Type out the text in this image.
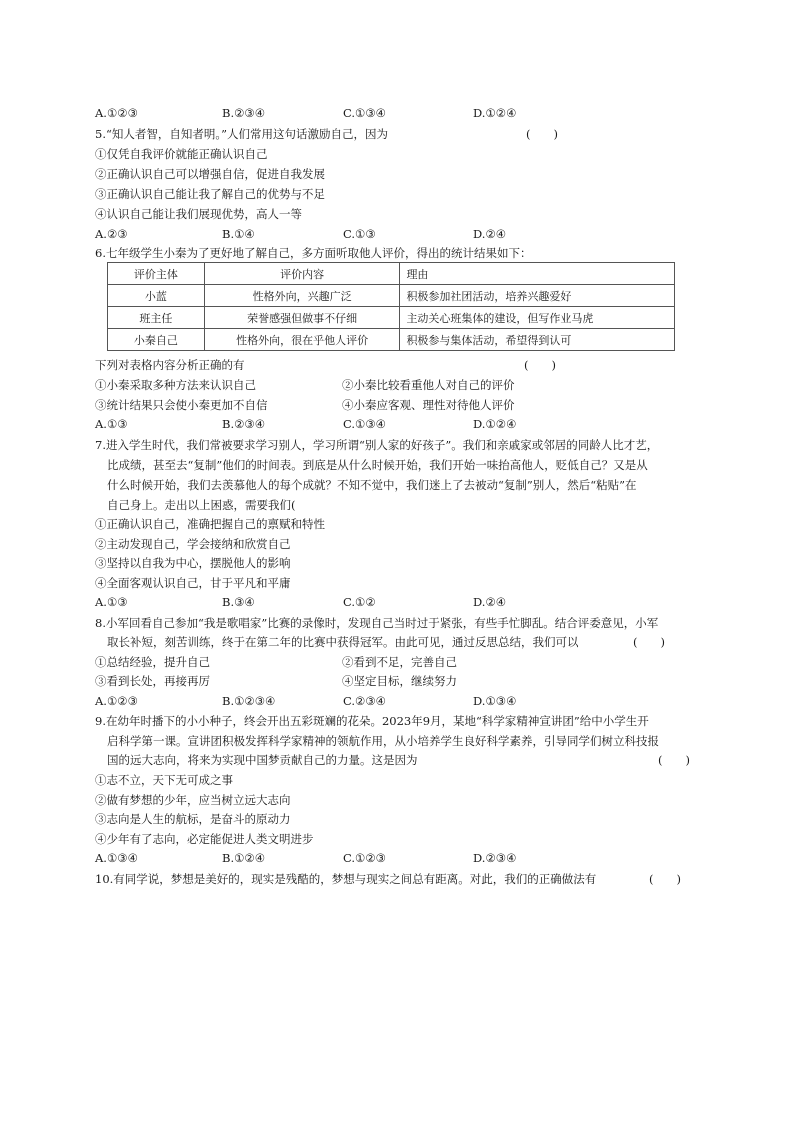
A.①②③	B.②③④	C.①③④	D.①②④
5.“知人者智，自知者明。”人们常用这句话激励自己，因为	(　　)
①仅凭自我评价就能正确认识自己
②正确认识自己可以增强自信，促进自我发展
③正确认识自己能让我了解自己的优势与不足
④认识自己能让我们展现优势，高人一等
A.②③	B.①④	C.①③	D.②④
6.七年级学生小秦为了更好地了解自己，多方面听取他人评价，得出的统计结果如下：
评价主体	评价内容	理由
小蓝	性格外向，兴趣广泛	积极参加社团活动，培养兴趣爱好
班主任	荣誉感强但做事不仔细	主动关心班集体的建设，但写作业马虎
小秦自己	性格外向，很在乎他人评价	积极参与集体活动，希望得到认可
下列对表格内容分析正确的有	(　　)
①小秦采取多种方法来认识自己	②小秦比较看重他人对自己的评价
③统计结果只会使小秦更加不自信	④小秦应客观、理性对待他人评价
A.①③	B.②③④	C.①③④	D.①②④
7.进入学生时代，我们常被要求学习别人，学习所谓“别人家的好孩子”。我们和亲戚家或邻居的同龄人比才艺，
比成绩，甚至去“复制”他们的时间表。到底是从什么时候开始，我们开始一味抬高他人，贬低自己？又是从
什么时候开始，我们去羡慕他人的每个成就？不知不觉中，我们迷上了去被动“复制”别人，然后“粘贴”在
自己身上。走出以上困惑，需要我们(
①正确认识自己，准确把握自己的禀赋和特性
②主动发现自己，学会接纳和欣赏自己
③坚持以自我为中心，摆脱他人的影响
④全面客观认识自己，甘于平凡和平庸
A.①③	B.③④	C.①②	D.②④
8.小军回看自己参加“我是歌唱家”比赛的录像时，发现自己当时过于紧张，有些手忙脚乱。结合评委意见，小军
取长补短，刻苦训练，终于在第二年的比赛中获得冠军。由此可见，通过反思总结，我们可以	(　　)
①总结经验，提升自己	②看到不足，完善自己
③看到长处，再接再厉	④坚定目标，继续努力
A.①②③	B.①②③④	C.②③④	D.①③④
9.在幼年时播下的小小种子，终会开出五彩斑斓的花朵。2023年9月，某地“科学家精神宣讲团”给中小学生开
启科学第一课。宣讲团积极发挥科学家精神的领航作用，从小培养学生良好科学素养，引导同学们树立科技报
国的远大志向，将来为实现中国梦贡献自己的力量。这是因为	(　　)
①志不立，天下无可成之事
②做有梦想的少年，应当树立远大志向
③志向是人生的航标，是奋斗的原动力
④少年有了志向，必定能促进人类文明进步
A.①③④	B.①②④	C.①②③	D.②③④
10.有同学说，梦想是美好的，现实是残酷的，梦想与现实之间总有距离。对此，我们的正确做法有	(　　)
